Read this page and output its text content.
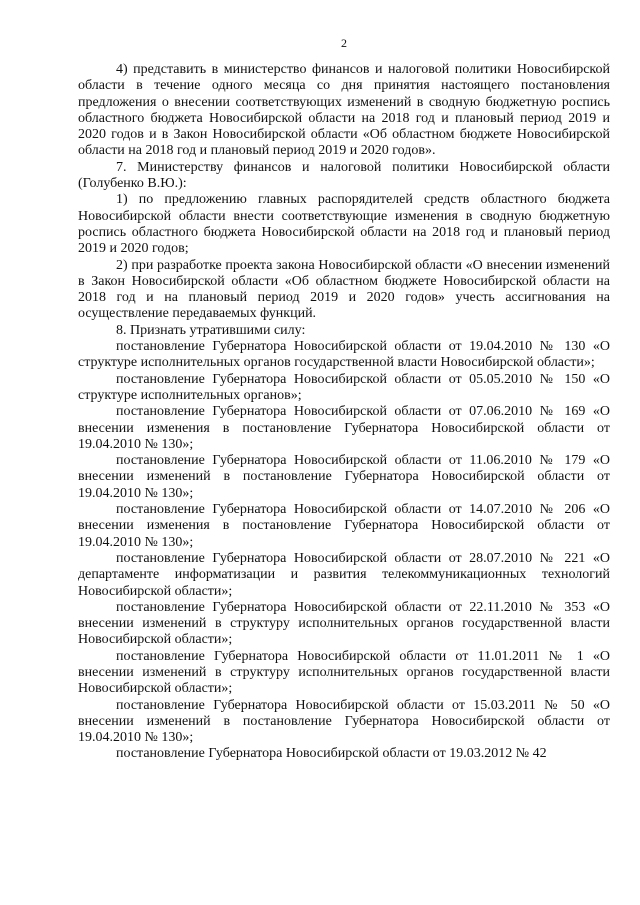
2

4) представить в министерство финансов и налоговой политики Новосибирской области в течение одного месяца со дня принятия настоящего постановления предложения о внесении соответствующих изменений в сводную бюджетную роспись областного бюджета Новосибирской области на 2018 год и плановый период 2019 и 2020 годов и в Закон Новосибирской области «Об областном бюджете Новосибирской области на 2018 год и плановый период 2019 и 2020 годов».

7. Министерству финансов и налоговой политики Новосибирской области (Голубенко В.Ю.):

1) по предложению главных распорядителей средств областного бюджета Новосибирской области внести соответствующие изменения в сводную бюджетную роспись областного бюджета Новосибирской области на 2018 год и плановый период 2019 и 2020 годов;

2) при разработке проекта закона Новосибирской области «О внесении изменений в Закон Новосибирской области «Об областном бюджете Новосибирской области на 2018 год и на плановый период 2019 и 2020 годов» учесть ассигнования на осуществление передаваемых функций.

8. Признать утратившими силу:

постановление Губернатора Новосибирской области от 19.04.2010 № 130 «О структуре исполнительных органов государственной власти Новосибирской области»;

постановление Губернатора Новосибирской области от 05.05.2010 № 150 «О структуре исполнительных органов»;

постановление Губернатора Новосибирской области от 07.06.2010 № 169 «О внесении изменения в постановление Губернатора Новосибирской области от 19.04.2010 № 130»;

постановление Губернатора Новосибирской области от 11.06.2010 № 179 «О внесении изменений в постановление Губернатора Новосибирской области от 19.04.2010 № 130»;

постановление Губернатора Новосибирской области от 14.07.2010 № 206 «О внесении изменения в постановление Губернатора Новосибирской области от 19.04.2010 № 130»;

постановление Губернатора Новосибирской области от 28.07.2010 № 221 «О департаменте информатизации и развития телекоммуникационных технологий Новосибирской области»;

постановление Губернатора Новосибирской области от 22.11.2010 № 353 «О внесении изменений в структуру исполнительных органов государственной власти Новосибирской области»;

постановление Губернатора Новосибирской области от 11.01.2011 № 1 «О внесении изменений в структуру исполнительных органов государственной власти Новосибирской области»;

постановление Губернатора Новосибирской области от 15.03.2011 № 50 «О внесении изменений в постановление Губернатора Новосибирской области от 19.04.2010 № 130»;

постановление Губернатора Новосибирской области от 19.03.2012 № 42
